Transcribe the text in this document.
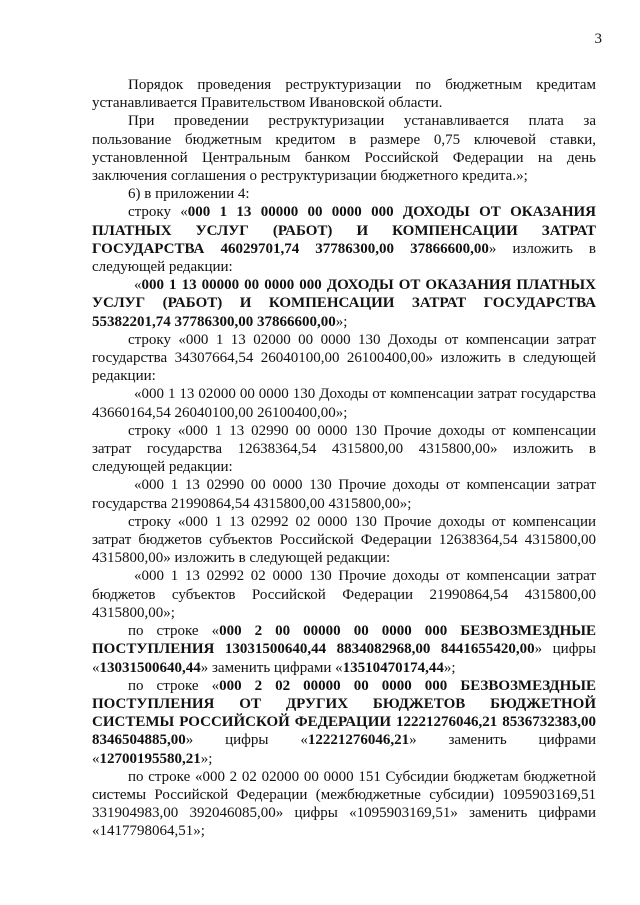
3

Порядок проведения реструктуризации по бюджетным кредитам устанавливается Правительством Ивановской области.

При проведении реструктуризации устанавливается плата за пользование бюджетным кредитом в размере 0,75 ключевой ставки, установленной Центральным банком Российской Федерации на день заключения соглашения о реструктуризации бюджетного кредита.»;

6) в приложении 4:

строку «000 1 13 00000 00 0000 000 ДОХОДЫ ОТ ОКАЗАНИЯ ПЛАТНЫХ УСЛУГ (РАБОТ) И КОМПЕНСАЦИИ ЗАТРАТ ГОСУДАРСТВА 46029701,74 37786300,00 37866600,00» изложить в следующей редакции:

«000 1 13 00000 00 0000 000 ДОХОДЫ ОТ ОКАЗАНИЯ ПЛАТНЫХ УСЛУГ (РАБОТ) И КОМПЕНСАЦИИ ЗАТРАТ ГОСУДАРСТВА 55382201,74 37786300,00 37866600,00»;

строку «000 1 13 02000 00 0000 130 Доходы от компенсации затрат государства 34307664,54 26040100,00 26100400,00» изложить в следующей редакции:

«000 1 13 02000 00 0000 130 Доходы от компенсации затрат государства 43660164,54 26040100,00 26100400,00»;

строку «000 1 13 02990 00 0000 130 Прочие доходы от компенсации затрат государства 12638364,54 4315800,00 4315800,00» изложить в следующей редакции:

«000 1 13 02990 00 0000 130 Прочие доходы от компенсации затрат государства 21990864,54 4315800,00 4315800,00»;

строку «000 1 13 02992 02 0000 130 Прочие доходы от компенсации затрат бюджетов субъектов Российской Федерации 12638364,54 4315800,00 4315800,00» изложить в следующей редакции:

«000 1 13 02992 02 0000 130 Прочие доходы от компенсации затрат бюджетов субъектов Российской Федерации 21990864,54 4315800,00 4315800,00»;

по строке «000 2 00 00000 00 0000 000 БЕЗВОЗМЕЗДНЫЕ ПОСТУПЛЕНИЯ 13031500640,44 8834082968,00 8441655420,00» цифры «13031500640,44» заменить цифрами «13510470174,44»;

по строке «000 2 02 00000 00 0000 000 БЕЗВОЗМЕЗДНЫЕ ПОСТУПЛЕНИЯ ОТ ДРУГИХ БЮДЖЕТОВ БЮДЖЕТНОЙ СИСТЕМЫ РОССИЙСКОЙ ФЕДЕРАЦИИ 12221276046,21 8536732383,00 8346504885,00» цифры «12221276046,21» заменить цифрами «12700195580,21»;

по строке «000 2 02 02000 00 0000 151 Субсидии бюджетам бюджетной системы Российской Федерации (межбюджетные субсидии) 1095903169,51 331904983,00 392046085,00» цифры «1095903169,51» заменить цифрами «1417798064,51»;
